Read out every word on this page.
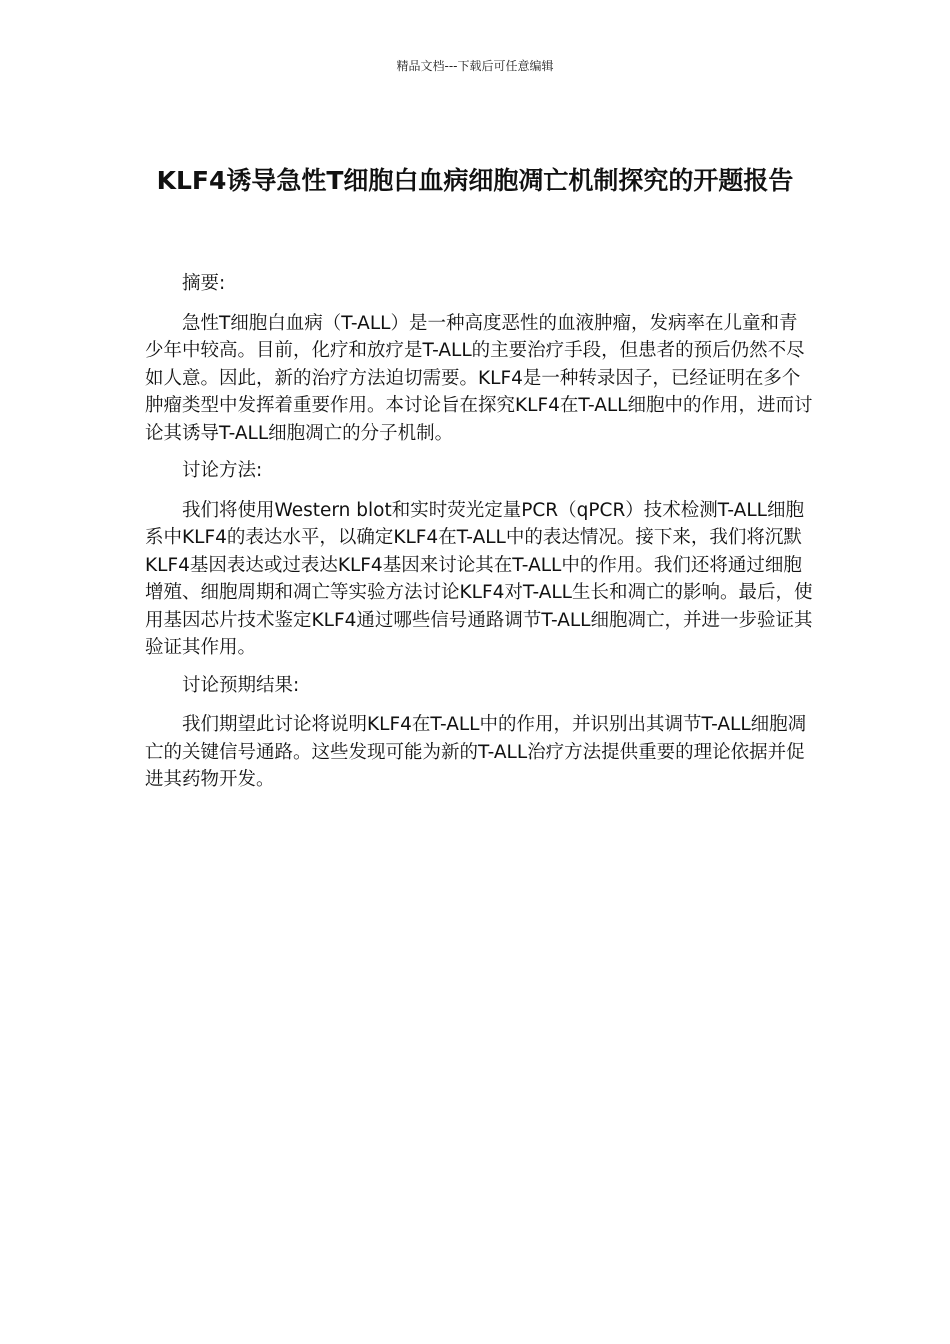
精品文档---下载后可任意编辑
KLF4诱导急性T细胞白血病细胞凋亡机制探究的开题报告

摘要:

急性T细胞白血病（T-ALL）是一种高度恶性的血液肿瘤，发病率在儿童和青少年中较高。目前，化疗和放疗是T-ALL的主要治疗手段，但患者的预后仍然不尽如人意。因此，新的治疗方法迫切需要。KLF4是一种转录因子，已经证明在多个肿瘤类型中发挥着重要作用。本讨论旨在探究KLF4在T-ALL细胞中的作用，进而讨论其诱导T-ALL细胞凋亡的分子机制。

讨论方法:

我们将使用Western blot和实时荧光定量PCR（qPCR）技术检测T-ALL细胞系中KLF4的表达水平，以确定KLF4在T-ALL中的表达情况。接下来，我们将沉默KLF4基因表达或过表达KLF4基因来讨论其在T-ALL中的作用。我们还将通过细胞增殖、细胞周期和凋亡等实验方法讨论KLF4对T-ALL生长和凋亡的影响。最后，使用基因芯片技术鉴定KLF4通过哪些信号通路调节T-ALL细胞凋亡，并进一步验证其验证其作用。

讨论预期结果:

我们期望此讨论将说明KLF4在T-ALL中的作用，并识别出其调节T-ALL细胞凋亡的关键信号通路。这些发现可能为新的T-ALL治疗方法提供重要的理论依据并促进其药物开发。
